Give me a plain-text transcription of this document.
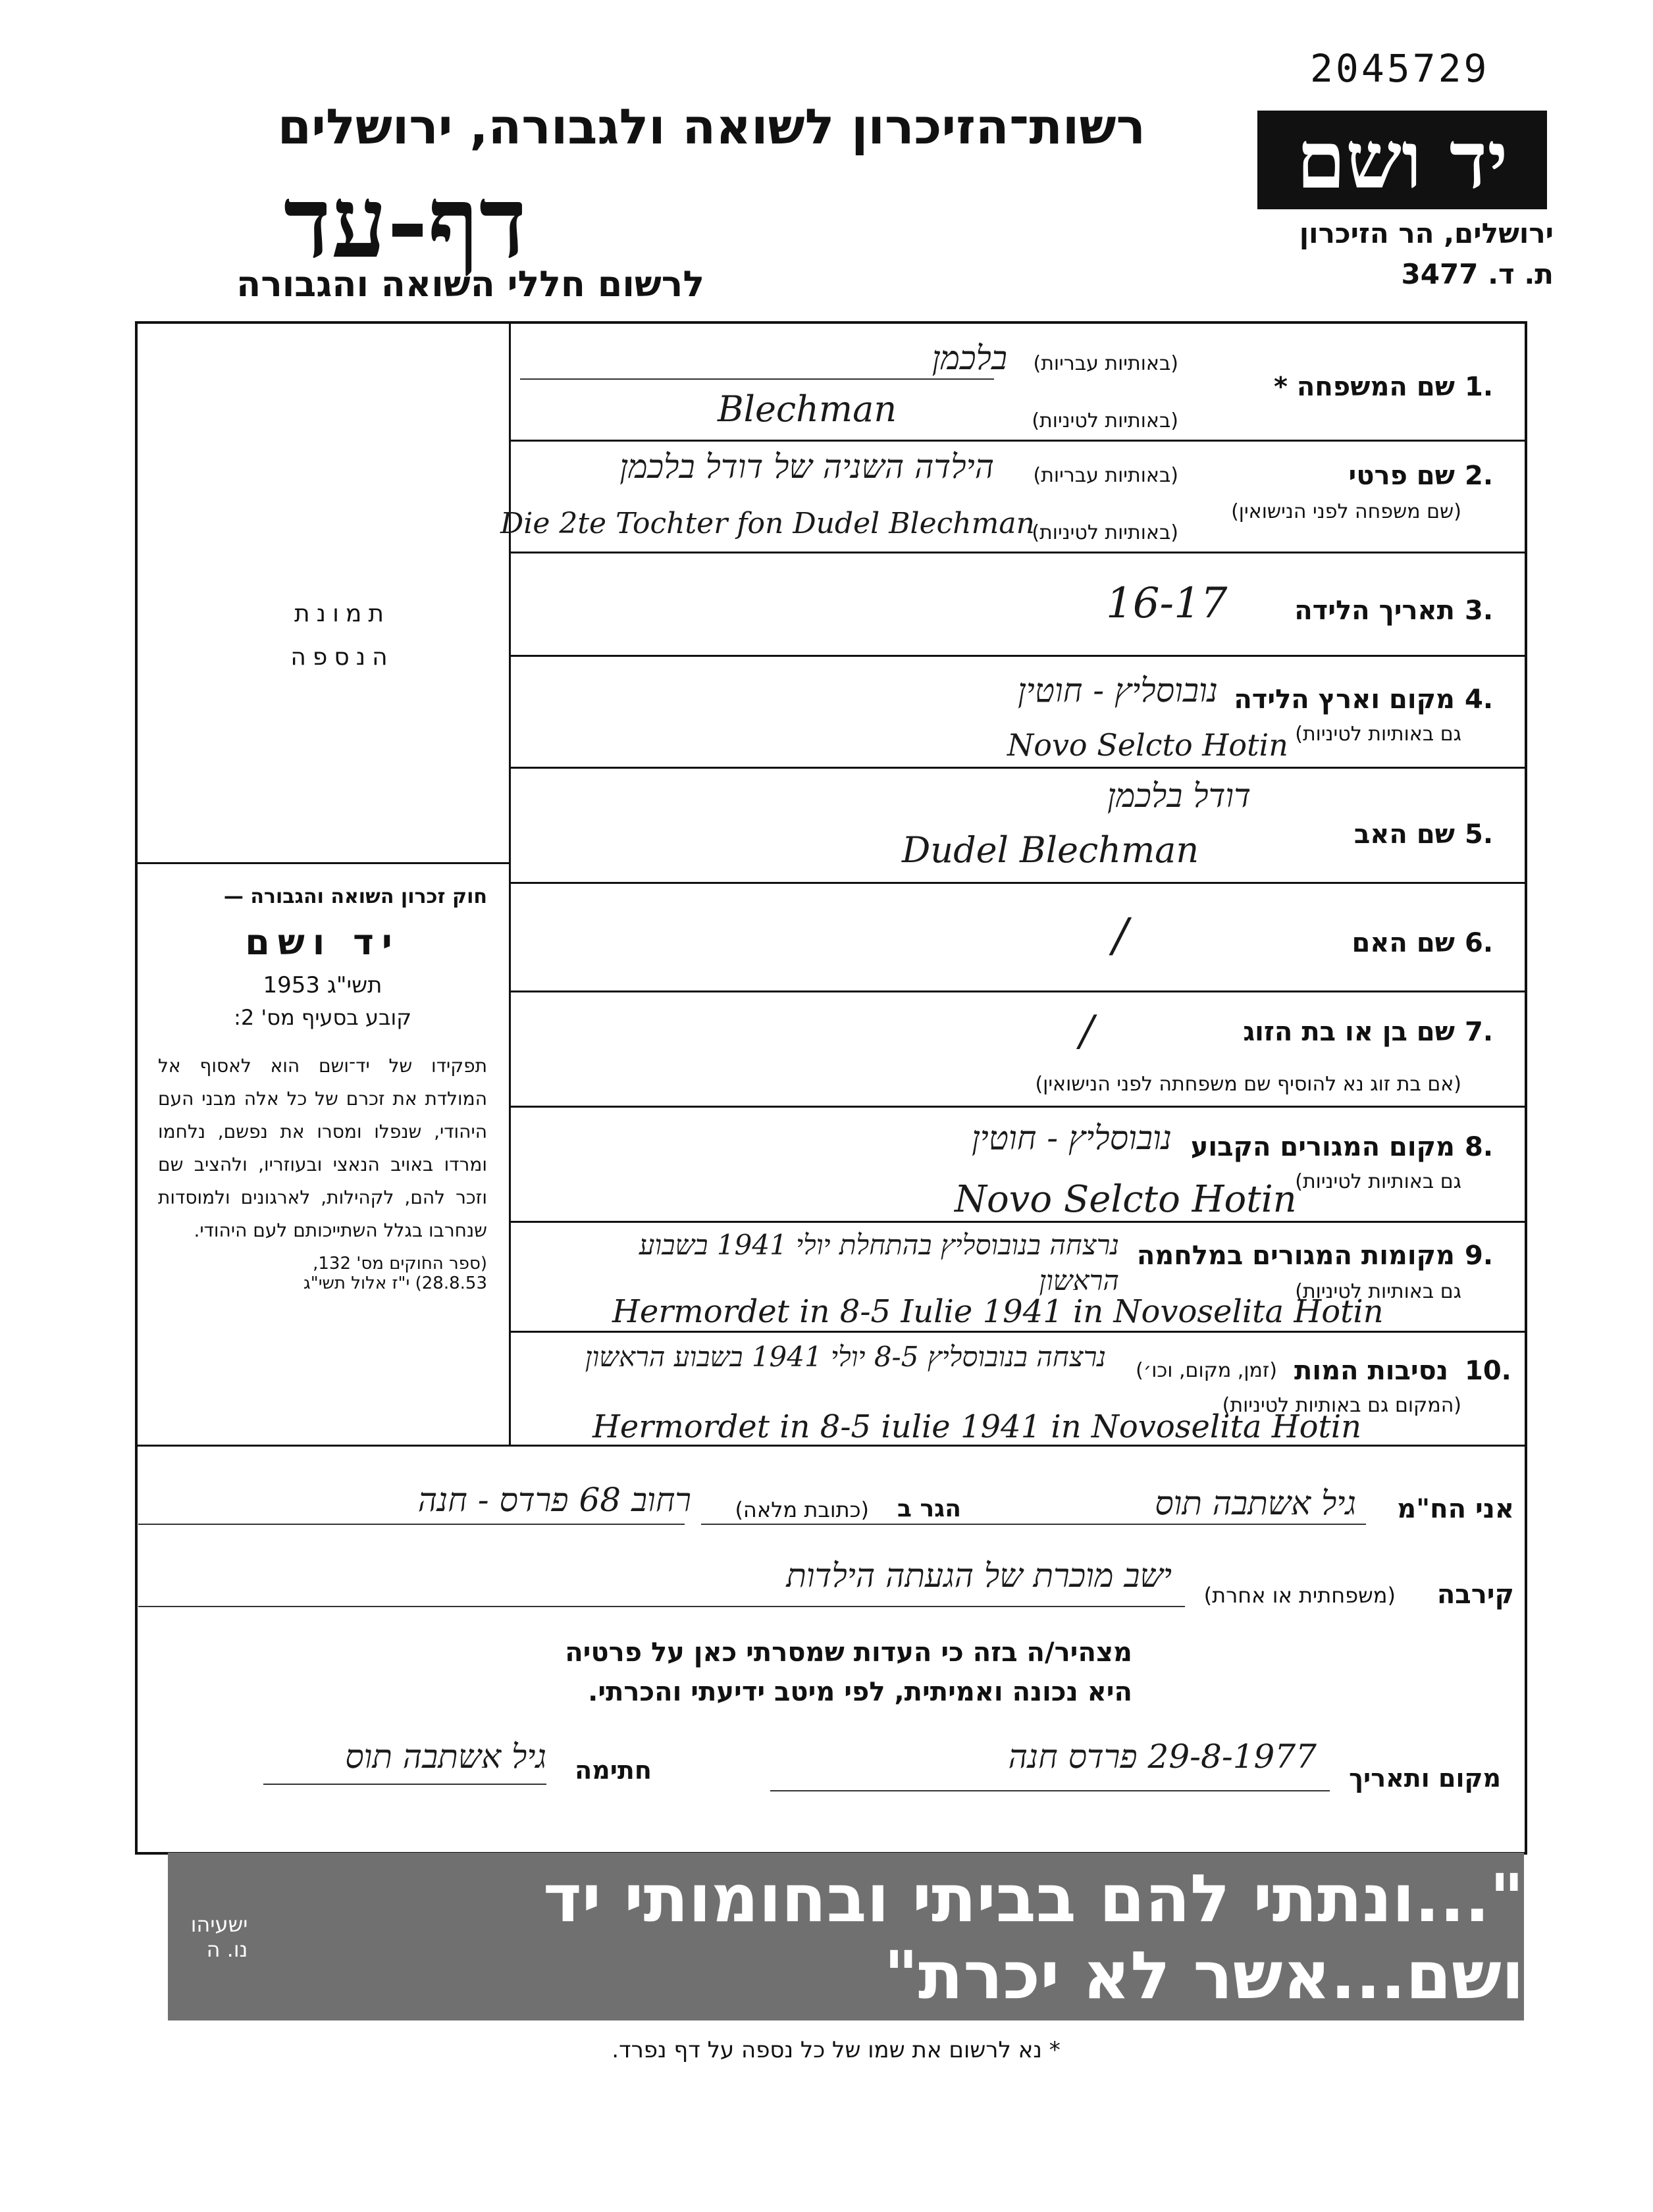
2045729
יד ושם
ירושלים, הר הזיכרון
ת. ד. 3477
רשות־הזיכרון לשואה ולגבורה, ירושלים
דף-עד
לרשום חללי השואה והגבורה
תמונת
הנספה
חוק זכרון השואה והגבורה —
יד ושם
תשי"ג 1953
קובע בסעיף מס' 2:
תפקידו של יד־ושם הוא לאסוף אל המולדת את זכרם של כל אלה מבני העם היהודי, שנפלו ומסרו את נפשם, נלחמו ומרדו באויב הנאצי ובעוזריו, ולהציב שם וזכר להם, לקהילות, לארגונים ולמוסדות שנחרבו בגלל השתייכותם לעם היהודי.
(ספר החוקים מס' 132,
28.8.53) י"ז אלול תשי"ג
1.
שם המשפחה *
(באותיות עבריות)
(באותיות לטיניות)
בלכמן
Blechman
2.
שם פרטי
(באותיות עבריות)
(שם משפחה לפני הנישואין)
(באותיות לטיניות)
הילדה השניה של דודל בלכמן
Die 2te Tochter fon Dudel Blechman
3.
תאריך הלידה
16-17
4.
מקום וארץ הלידה
גם באותיות לטיניות)
נובוסליץ - חוטין
Novo Selcto Hotin
5.
שם האב
דודל בלכמן
Dudel Blechman
6.
שם האם
/
7.
שם בן או בת הזוג
(אם בת זוג נא להוסיף שם משפחתה לפני הנישואין)
/
8.
מקום המגורים הקבוע
גם באותיות לטיניות)
נובוסליץ - חוטין
Novo Selcto Hotin
9.
מקומות המגורים במלחמה
גם באותיות לטיניות)
נרצחה בנובוסליץ בהתחלת יולי 1941 בשבוע הראשון
Hermordet in 8-5 Iulie 1941 in Novoselita Hotin
10.
נסיבות המות
(זמן, מקום, וכו׳)
(המקום גם באותיות לטיניות)
נרצחה בנובוסליץ 8-5 יולי 1941 בשבוע הראשון
Hermordet in 8-5 iulie 1941 in Novoselita Hotin
אני הח"מ
גיל אשתבה תוס
הגר ב
(כתובת מלאה)
רחוב 68 פרדס - חנה
קירבה
(משפחתית או אחרת)
ישב מוכרת של הגעתה הילדות
מצהיר/ה בזה כי העדות שמסרתי כאן על פרטיה
היא נכונה ואמיתית, לפי מיטב ידיעתי והכרתי.
מקום ותאריך
29-8-1977 פרדס חנה
חתימה
גיל אשתבה תוס
"...ונתתי להם בביתי ובחומותי יד ושם...אשר לא יכרת"
ישעיהו נו. ה
* נא לרשום את שמו של כל נספה על דף נפרד.
